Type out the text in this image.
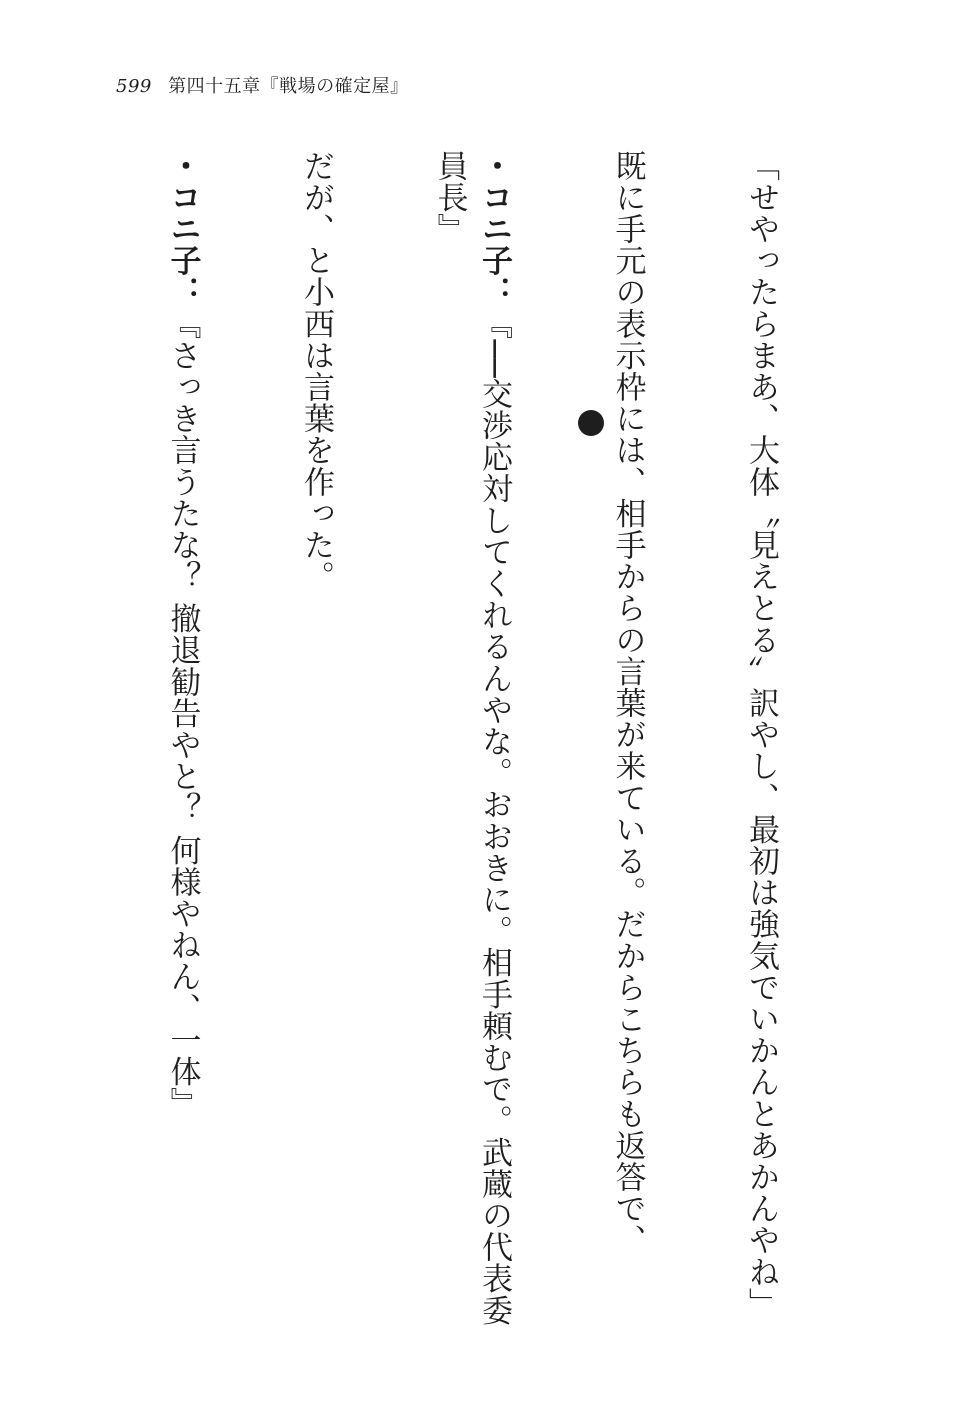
599 第四十五章『戦場の確定屋』

「せやったらまあ、大体〝見えとる〟訳やし、最初は強気でいかんとあかんやね」

既に手元の表示枠には、相手からの言葉が来ている。だからこちらも返答で、

・コニ子：『──交渉応対してくれるんやな。おおきに。相手頼むで。武蔵の代表委員長』

だが、と小西は言葉を作った。

・コニ子：『さっき言うたな？ 撤退勧告やと？ 何様やねん、一体』
